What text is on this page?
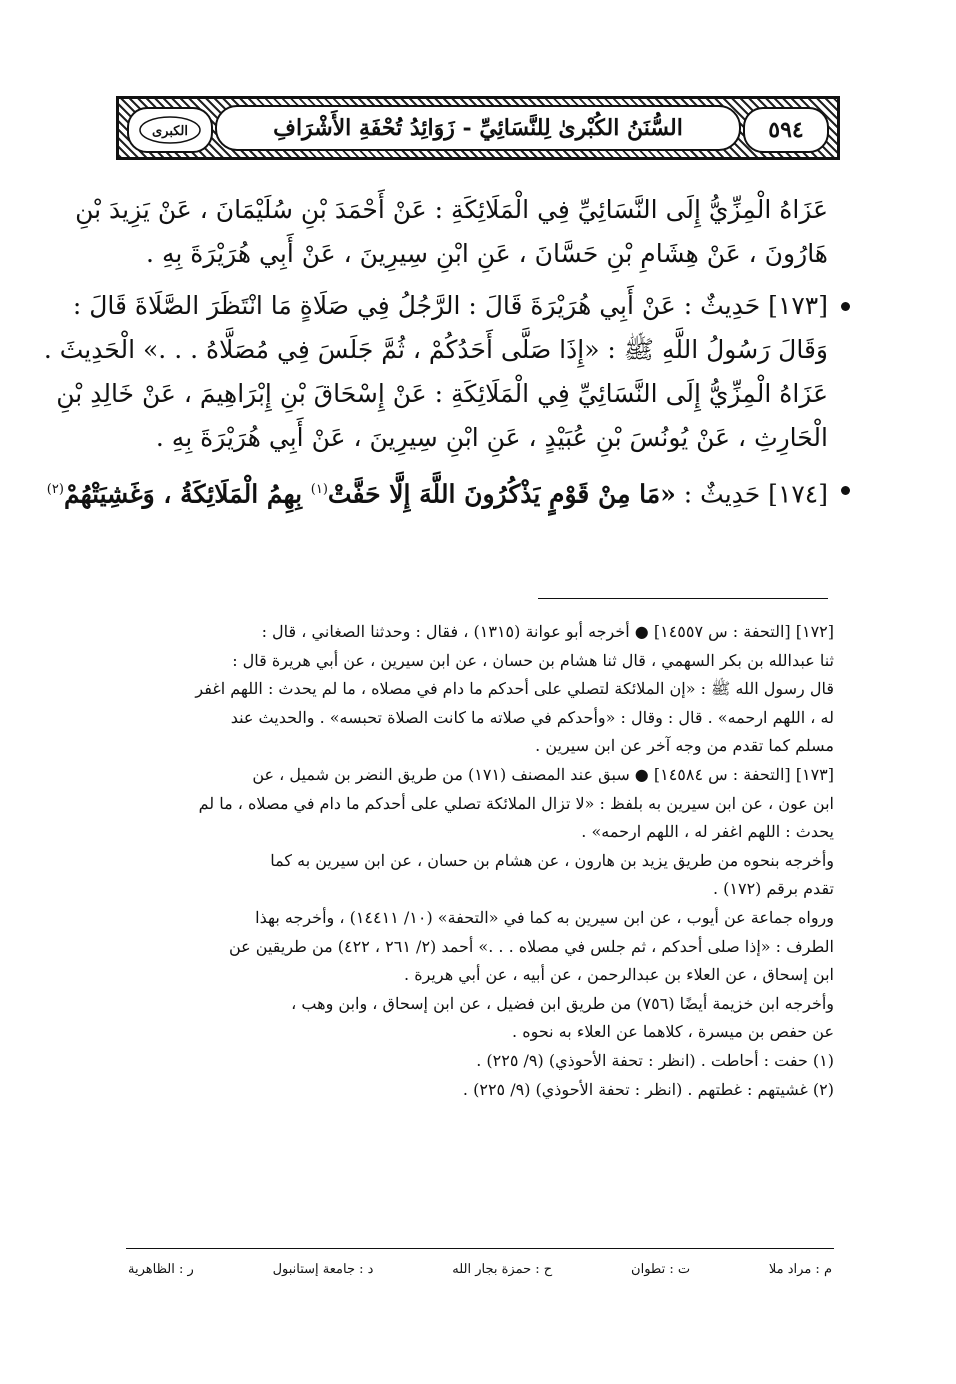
٥٩٤
السُّنَنُ الكُبْرىٰ لِلنَّسَائِيِّ - زَوَائِدُ تُحْفَةِ الأَشْرَافِ
الكبرى
عَزَاهُ الْمِزِّيُّ إِلَى النَّسَائِيِّ فِي الْمَلَائِكَةِ : عَنْ أَحْمَدَ بْنِ سُلَيْمَانَ ، عَنْ يَزِيدَ بْنِ
هَارُونَ ، عَنْ هِشَامِ بْنِ حَسَّانَ ، عَنِ ابْنِ سِيرِينَ ، عَنْ أَبِي هُرَيْرَةَ بِهِ .
[١٧٣] حَدِيثٌ : عَنْ أَبِي هُرَيْرَةَ قَالَ : الرَّجُلُ فِي صَلَاةٍ مَا انْتَظَرَ الصَّلَاةَ قَالَ :
وَقَالَ رَسُولُ اللَّهِ ﷺ : «إِذَا صَلَّى أَحَدُكُمْ ، ثُمَّ جَلَسَ فِي مُصَلَّاهُ . . .» الْحَدِيثَ .
عَزَاهُ الْمِزِّيُّ إِلَى النَّسَائِيِّ فِي الْمَلَائِكَةِ : عَنْ إِسْحَاقَ بْنِ إِبْرَاهِيمَ ، عَنْ خَالِدِ بْنِ
الْحَارِثِ ، عَنْ يُونُسَ بْنِ عُبَيْدٍ ، عَنِ ابْنِ سِيرِينَ ، عَنْ أَبِي هُرَيْرَةَ بِهِ .
[١٧٤] حَدِيثٌ : «مَا مِنْ قَوْمٍ يَذْكُرُونَ اللَّهَ إِلَّا حَفَّتْ$^{(١)}$ بِهِمُ الْمَلَائِكَةُ ، وَغَشِيَتْهُمْ$^{(٢)}$
[١٧٢] [التحفة : س ١٤٥٥٧] ● أخرجه أبو عوانة (١٣١٥) ، فقال : وحدثنا الصغاني ، قال :
ثنا عبدالله بن بكر السهمي ، قال ثنا هشام بن حسان ، عن ابن سيرين ، عن أبي هريرة قال :
قال رسول الله ﷺ : «إن الملائكة لتصلي على أحدكم ما دام في مصلاه ، ما لم يحدث : اللهم اغفر
له ، اللهم ارحمه» . قال : وقال : «وأحدكم في صلاته ما كانت الصلاة تحبسه» . والحديث عند
مسلم كما تقدم من وجه آخر عن ابن سيرين .
[١٧٣] [التحفة : س ١٤٥٨٤] ● سبق عند المصنف (١٧١) من طريق النضر بن شميل ، عن
ابن عون ، عن ابن سيرين به بلفظ : «لا تزال الملائكة تصلي على أحدكم ما دام في مصلاه ، ما لم
يحدث : اللهم اغفر له ، اللهم ارحمه» .
وأخرجه بنحوه من طريق يزيد بن هارون ، عن هشام بن حسان ، عن ابن سيرين به كما
تقدم برقم (١٧٢) .
ورواه جماعة عن أيوب ، عن ابن سيرين به كما في «التحفة» (١٠/ ١٤٤١١) ، وأخرجه بهذا
الطرف : «إذا صلى أحدكم ، ثم جلس في مصلاه . . .» أحمد (٢/ ٢٦١ ، ٤٢٢) من طريقين عن
ابن إسحاق ، عن العلاء بن عبدالرحمن ، عن أبيه ، عن أبي هريرة .
وأخرجه ابن خزيمة أيضًا (٧٥٦) من طريق ابن فضيل ، عن ابن إسحاق ، وابن وهب ،
عن حفص بن ميسرة ، كلاهما عن العلاء به نحوه .
(١) حفت : أحاطت . (انظر : تحفة الأحوذي) (٩/ ٢٢٥) .
(٢) غشيتهم : غطتهم . (انظر : تحفة الأحوذي) (٩/ ٢٢٥) .
م : مراد ملا
ت : تطوان
ح : حمزة بجار الله
د : جامعة إستانبول
ر : الظاهرية
